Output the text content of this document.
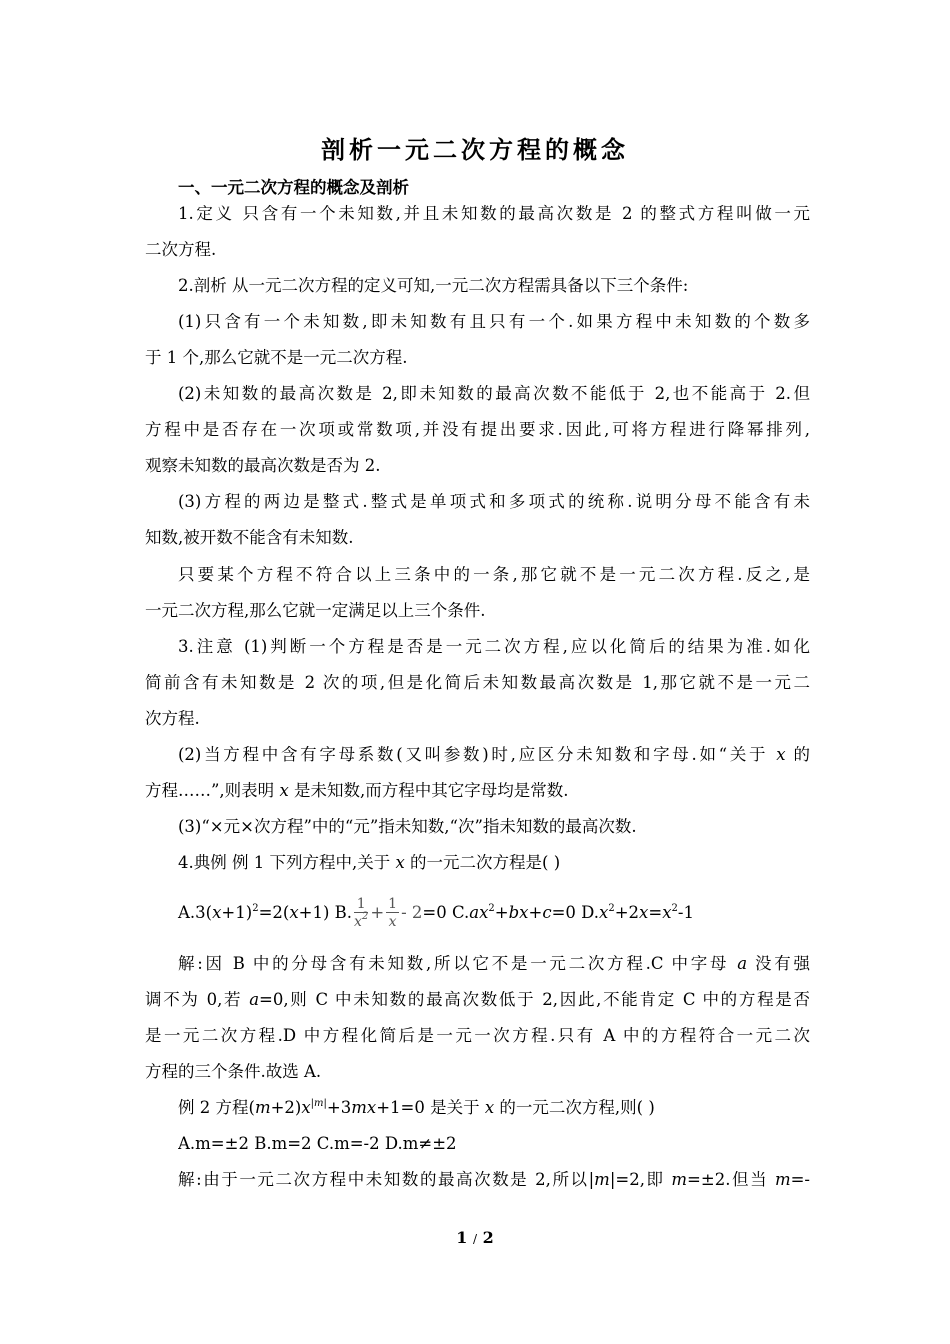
剖析一元二次方程的概念
一、一元二次方程的概念及剖析
1.定义 只含有一个未知数,并且未知数的最高次数是 2 的整式方程叫做一元
二次方程.
2.剖析 从一元二次方程的定义可知,一元二次方程需具备以下三个条件:
(1)只含有一个未知数,即未知数有且只有一个.如果方程中未知数的个数多
于 1 个,那么它就不是一元二次方程.
(2)未知数的最高次数是 2,即未知数的最高次数不能低于 2,也不能高于 2.但
方程中是否存在一次项或常数项,并没有提出要求.因此,可将方程进行降幂排列,
观察未知数的最高次数是否为 2.
(3)方程的两边是整式.整式是单项式和多项式的统称.说明分母不能含有未
知数,被开数不能含有未知数.
只要某个方程不符合以上三条中的一条,那它就不是一元二次方程.反之,是
一元二次方程,那么它就一定满足以上三个条件.
3.注意 (1)判断一个方程是否是一元二次方程,应以化简后的结果为准.如化
简前含有未知数是 2 次的项,但是化简后未知数最高次数是 1,那它就不是一元二
次方程.
(2)当方程中含有字母系数(又叫参数)时,应区分未知数和字母.如“关于 x 的
方程……”,则表明 x 是未知数,而方程中其它字母均是常数.
(3)“×元×次方程”中的“元”指未知数,“次”指未知数的最高次数.
4.典例 例 1 下列方程中,关于 x 的一元二次方程是( )
$A.3(x+1)^2=2(x+1)$ B. $\frac{1}{x^2} + \frac{1}{x} - 2=0$ $C.ax^2+bx+c=0$ $D.x^2+2x=x^2-1$
解:因 B 中的分母含有未知数,所以它不是一元二次方程.C 中字母 a 没有强
调不为 0,若 a=0,则 C 中未知数的最高次数低于 2,因此,不能肯定 C 中的方程是否
是一元二次方程.D 中方程化简后是一元一次方程.只有 A 中的方程符合一元二次
方程的三个条件.故选 A.
例 2 方程$(m+2)x^{|m|}+3mx+1=0$ 是关于 x 的一元二次方程,则( )
A.m=±2 B.m=2 C.m=-2 D.m≠±2
解:由于一元二次方程中未知数的最高次数是 2,所以|m|=2,即 m=±2.但当 m=-
1 / 2
